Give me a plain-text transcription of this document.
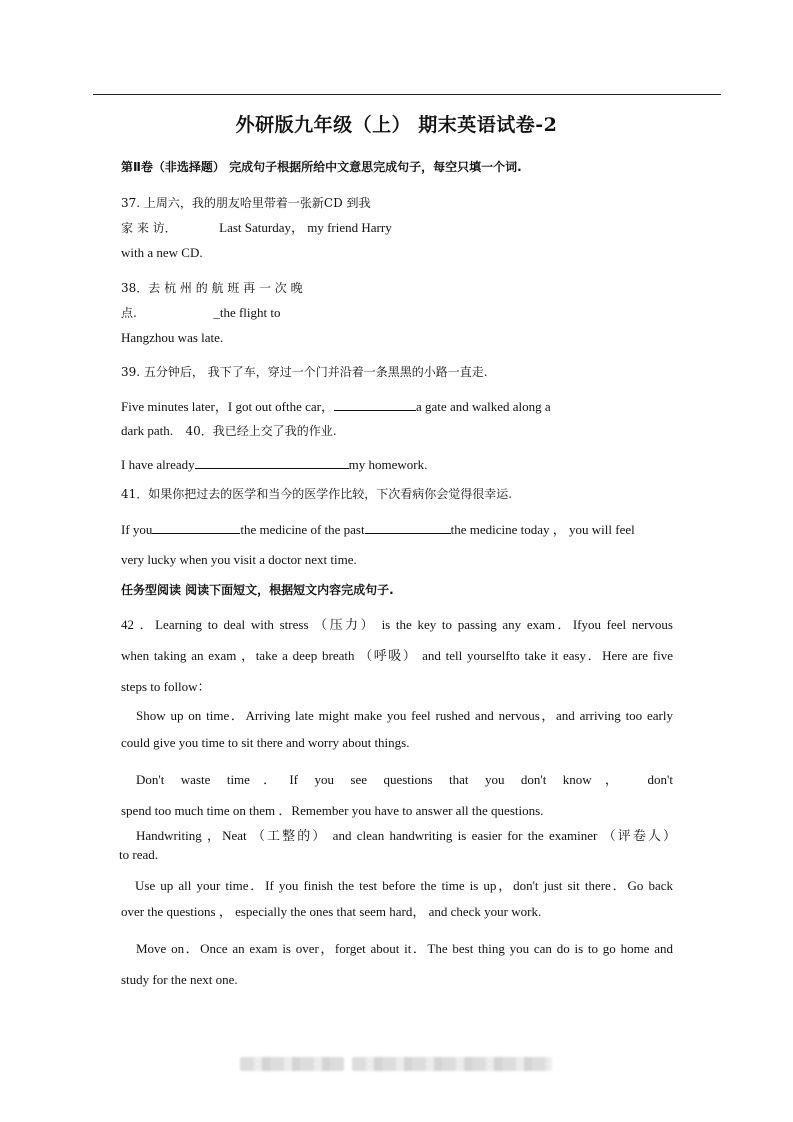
外研版九年级（上） 期末英语试卷-2
第Ⅱ卷（非选择题） 完成句子根据所给中文意思完成句子，每空只填一个词.
37. 上周六，我的朋友哈里带着一张新CD 到我
家 来 访．	Last Saturday， my friend Harry
with a new CD.
38．去 杭 州 的 航 班 再 一 次 晚
点.	_the flight to
Hangzhou was late.
39. 五分钟后， 我下了车，穿过一个门并沿着一条黑黑的小路一直走.
Five minutes later，I got out ofthe car，	a gate and walked along a
dark path. 40．我已经上交了我的作业.
I have already	my homework.
41．如果你把过去的医学和当今的医学作比较，下次看病你会觉得很幸运.
If you	the medicine of the past	the medicine today ， you will feel
very lucky when you visit a doctor next time.
任务型阅读 阅读下面短文，根据短文内容完成句子.
42 ．Learning to deal with stress （压力） is the key to passing any exam．Ifyou feel nervous
when taking an exam ，take a deep breath （呼吸） and tell yourselfto take it easy．Here are five
steps to follow：
Show up on time．Arriving late might make you feel rushed and nervous，and arriving too early
could give you time to sit there and worry about things.
Don't waste time．If you see questions that you don't know， don't
spend too much time on them ．Remember you have to answer all the questions.
Handwriting ，Neat （工整的） and clean handwriting is easier for the examiner （评卷人）
to read.
Use up all your time．If you finish the test before the time is up，don't just sit there．Go back
over the questions ， especially the ones that seem hard， and check your work.
Move on．Once an exam is over，forget about it．The best thing you can do is to go home and
study for the next one.
